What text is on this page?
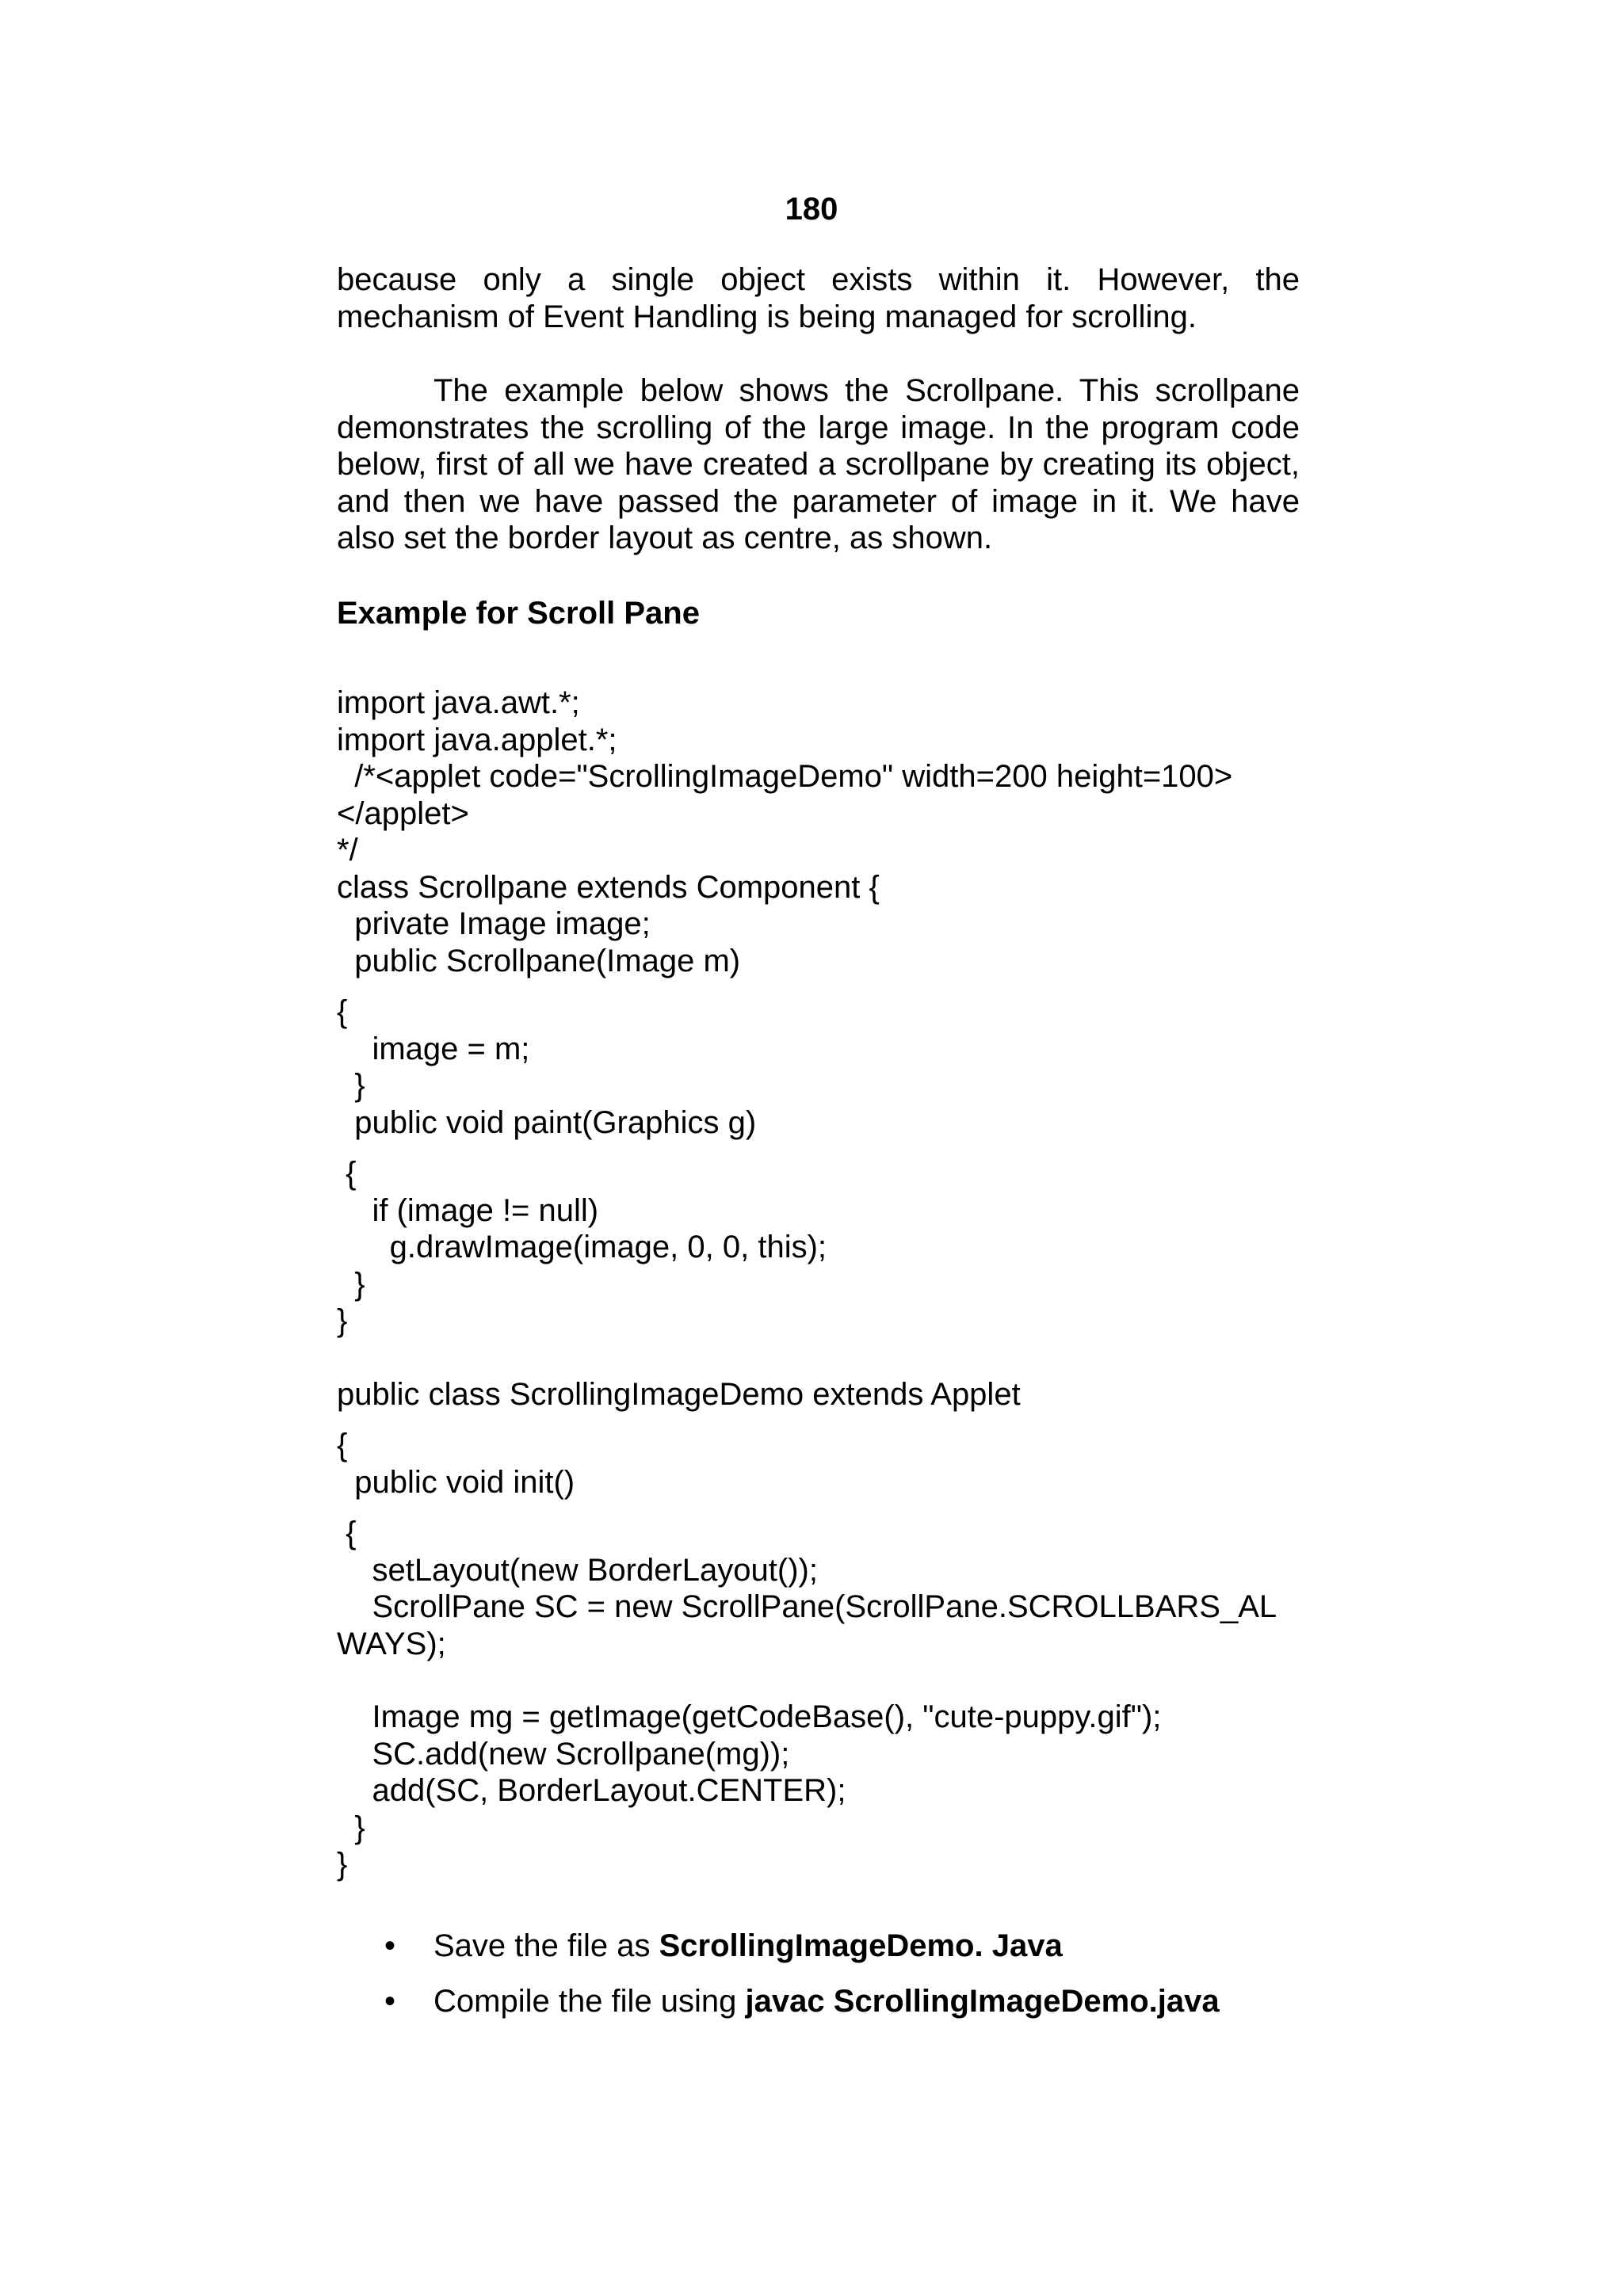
180

because only a single object exists within it. However, the mechanism of Event Handling is being managed for scrolling.

The example below shows the Scrollpane. This scrollpane demonstrates the scrolling of the large image. In the program code below, first of all we have created a scrollpane by creating its object, and then we have passed the parameter of image in it. We have also set the border layout as centre, as shown.

Example for Scroll Pane

import java.awt.*;
import java.applet.*;
/*<applet code="ScrollingImageDemo" width=200 height=100>
</applet>
*/
class Scrollpane extends Component {
private Image image;
public Scrollpane(Image m)
{
image = m;
}
public void paint(Graphics g)
{
if (image != null)
g.drawImage(image, 0, 0, this);
}
}
public class ScrollingImageDemo extends Applet
{
public void init()
{
setLayout(new BorderLayout());
ScrollPane SC = new ScrollPane(ScrollPane.SCROLLBARS_AL
WAYS);
Image mg = getImage(getCodeBase(), "cute-puppy.gif");
SC.add(new Scrollpane(mg));
add(SC, BorderLayout.CENTER);
}
}
• Save the file as ScrollingImageDemo. Java
• Compile the file using javac ScrollingImageDemo.java
